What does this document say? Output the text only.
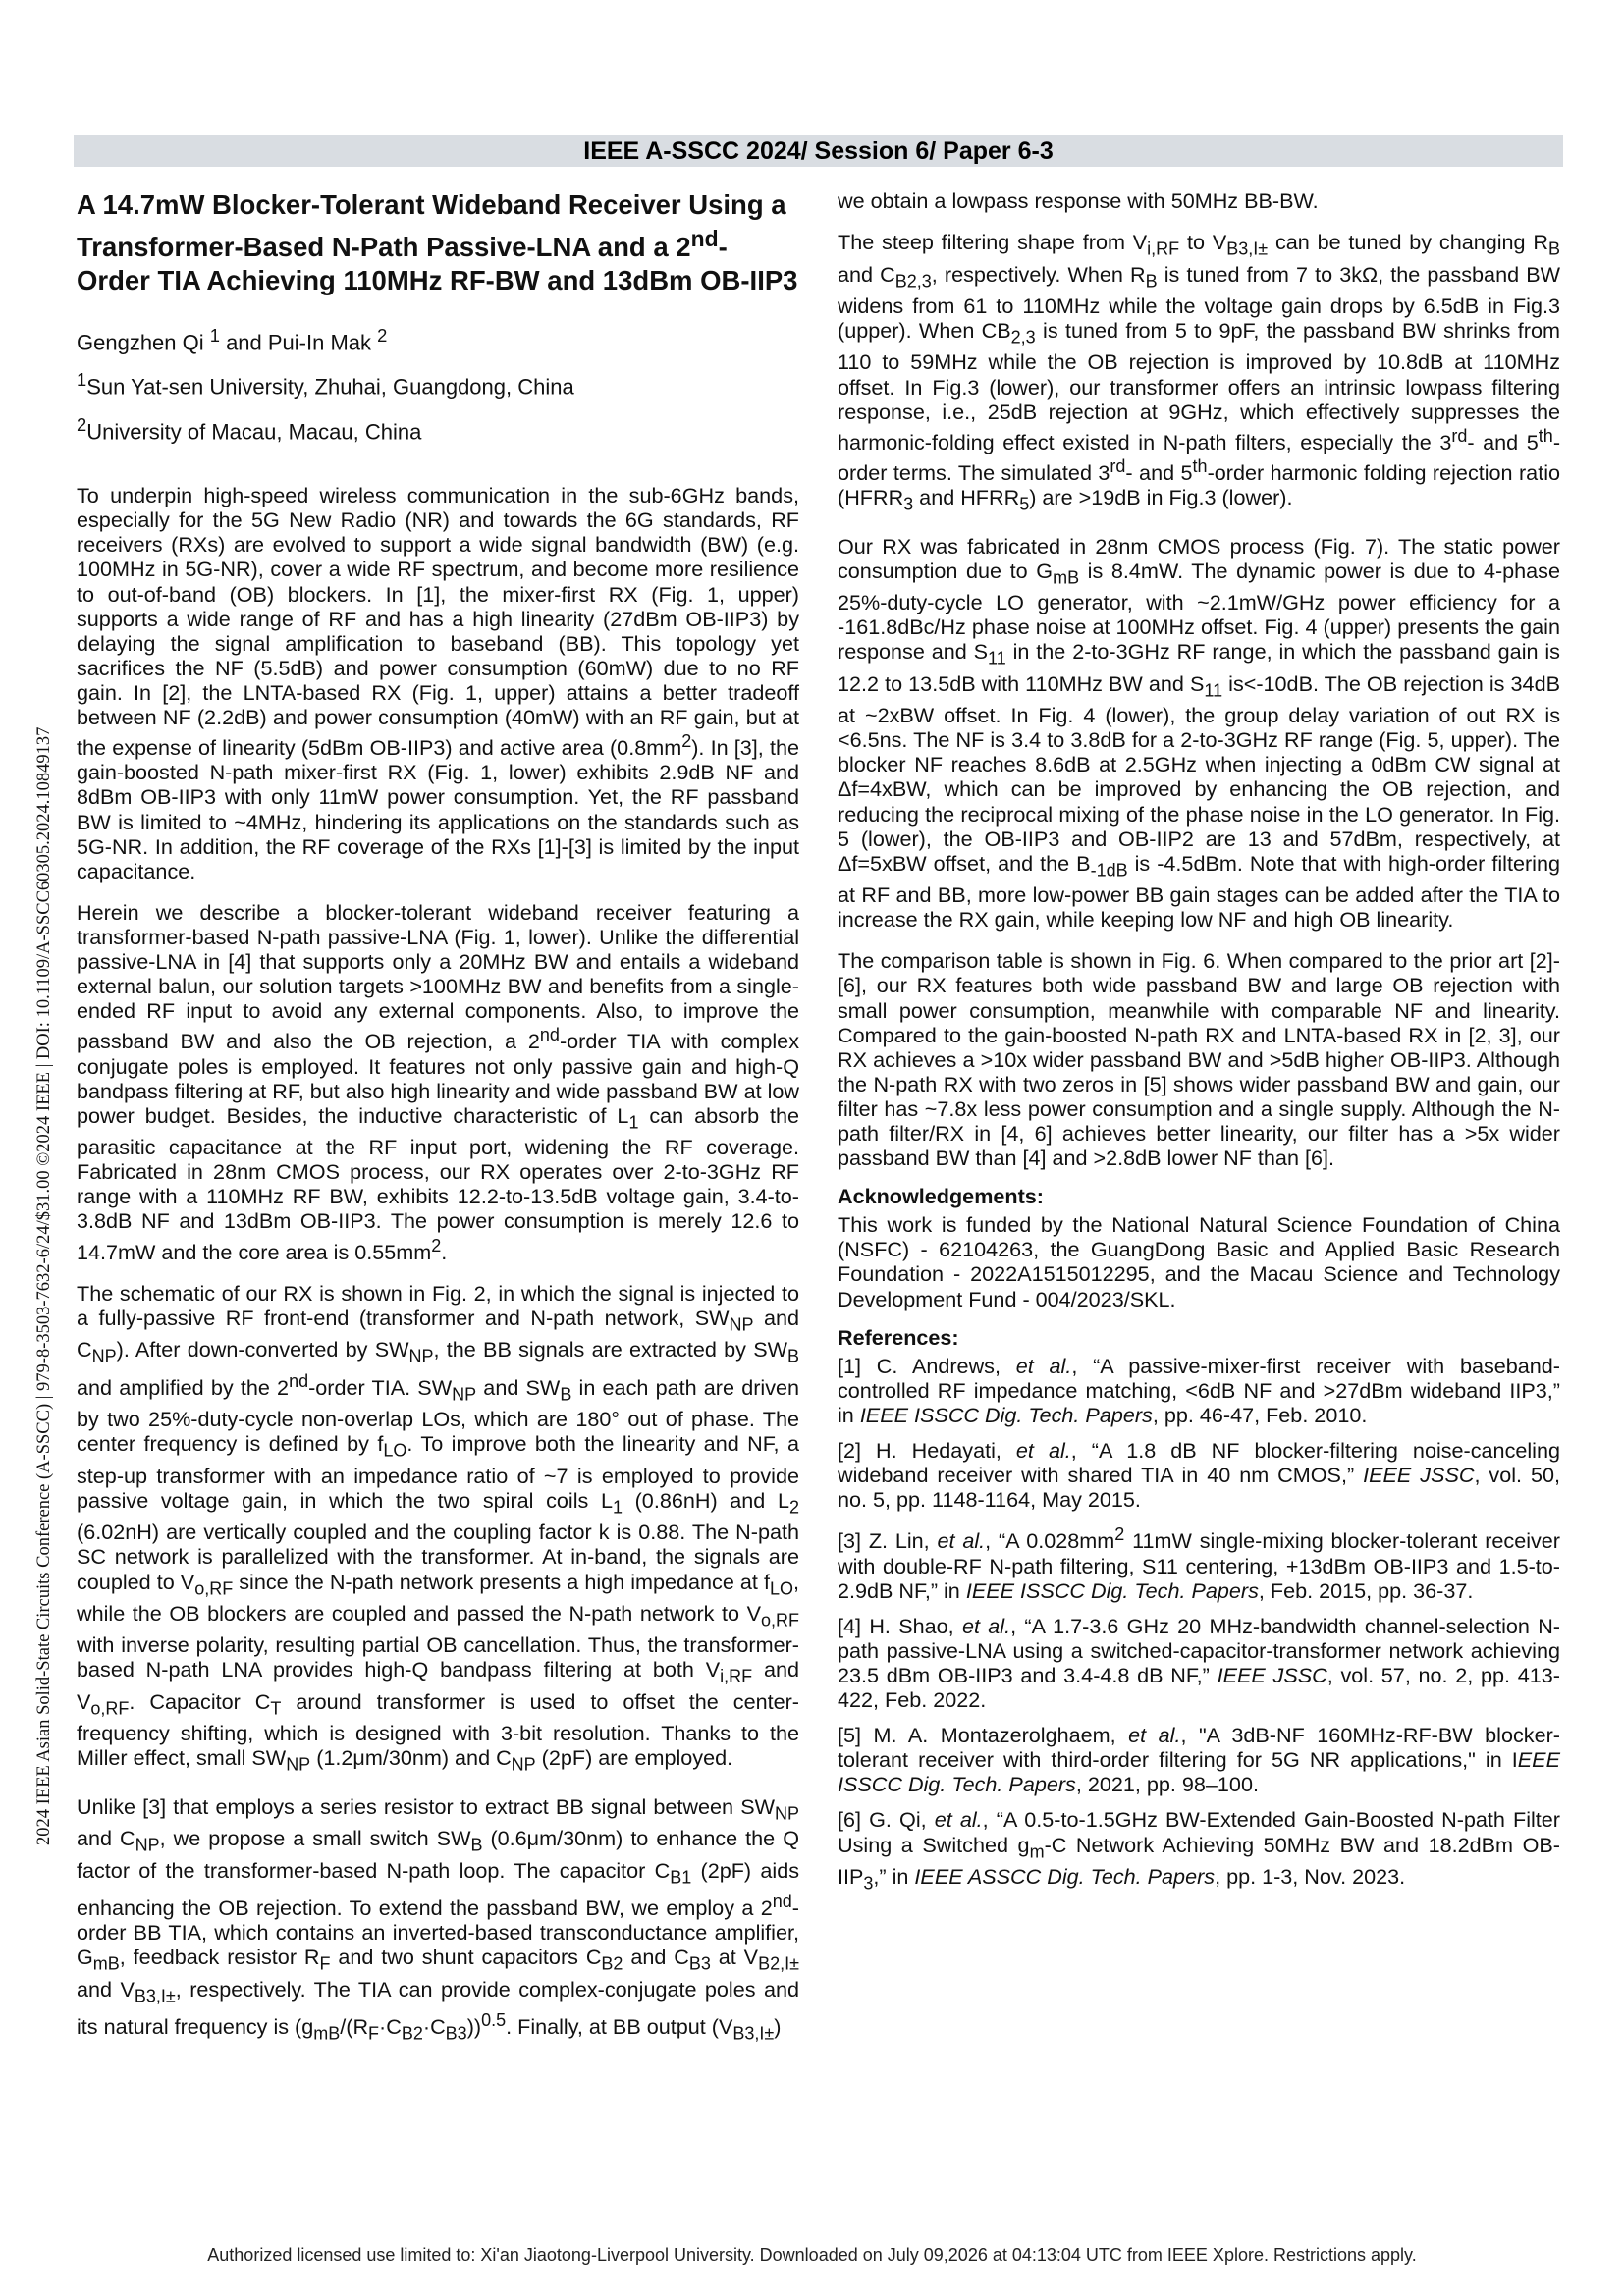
IEEE A-SSCC 2024/ Session 6/ Paper 6-3
2024 IEEE Asian Solid-State Circuits Conference (A-SSCC) | 979-8-3503-7632-6/24/$31.00 ©2024 IEEE | DOI: 10.1109/A-SSCC60305.2024.10849137
A 14.7mW Blocker-Tolerant Wideband Receiver Using a Transformer-Based N-Path Passive-LNA and a 2nd-Order TIA Achieving 110MHz RF-BW and 13dBm OB-IIP3

Gengzhen Qi $^1$ and Pui-In Mak $^2$

$^1$Sun Yat-sen University, Zhuhai, Guangdong, China

$^2$University of Macau, Macau, China

To underpin high-speed wireless communication in the sub-6GHz bands, especially for the 5G New Radio (NR) and towards the 6G standards, RF receivers (RXs) are evolved to support a wide signal bandwidth (BW) (e.g. 100MHz in 5G-NR), cover a wide RF spectrum, and become more resilience to out-of-band (OB) blockers. In [1], the mixer-first RX (Fig. 1, upper) supports a wide range of RF and has a high linearity (27dBm OB-IIP3) by delaying the signal amplification to baseband (BB). This topology yet sacrifices the NF (5.5dB) and power consumption (60mW) due to no RF gain. In [2], the LNTA-based RX (Fig. 1, upper) attains a better tradeoff between NF (2.2dB) and power consumption (40mW) with an RF gain, but at the expense of linearity (5dBm OB-IIP3) and active area $(0.8mm^2)$. In [3], the gain-boosted N-path mixer-first RX (Fig. 1, lower) exhibits 2.9dB NF and 8dBm OB-IIP3 with only 11mW power consumption. Yet, the RF passband BW is limited to ~4MHz, hindering its applications on the standards such as 5G-NR. In addition, the RF coverage of the RXs [1]-[3] is limited by the input capacitance.

Herein we describe a blocker-tolerant wideband receiver featuring a transformer-based N-path passive-LNA (Fig. 1, lower). Unlike the differential passive-LNA in [4] that supports only a 20MHz BW and entails a wideband external balun, our solution targets >100MHz BW and benefits from a single-ended RF input to avoid any external components. Also, to improve the passband BW and also the OB rejection, a 2nd-order TIA with complex conjugate poles is employed. It features not only passive gain and high-Q bandpass filtering at RF, but also high linearity and wide passband BW at low power budget. Besides, the inductive characteristic of $L_1$ can absorb the parasitic capacitance at the RF input port, widening the RF coverage. Fabricated in 28nm CMOS process, our RX operates over 2-to-3GHz RF range with a 110MHz RF BW, exhibits 12.2-to-13.5dB voltage gain, 3.4-to-3.8dB NF and 13dBm OB-IIP3. The power consumption is merely 12.6 to 14.7mW and the core area is $0.55mm^2$.

The schematic of our RX is shown in Fig. 2, in which the signal is injected to a fully-passive RF front-end (transformer and N-path network, $SW_{NP}$ and $C_{NP}$). After down-converted by $SW_{NP}$, the BB signals are extracted by $SW_B$ and amplified by the 2nd-order TIA. $SW_{NP}$ and $SW_B$ in each path are driven by two 25%-duty-cycle non-overlap LOs, which are 180° out of phase. The center frequency is defined by $f_{LO}$. To improve both the linearity and NF, a step-up transformer with an impedance ratio of ~7 is employed to provide passive voltage gain, in which the two spiral coils $L_1$ (0.86nH) and $L_2$ (6.02nH) are vertically coupled and the coupling factor k is 0.88. The N-path SC network is parallelized with the transformer. At in-band, the signals are coupled to $V_{o,RF}$ since the N-path network presents a high impedance at $f_{LO}$, while the OB blockers are coupled and passed the N-path network to $V_{o,RF}$ with inverse polarity, resulting partial OB cancellation. Thus, the transformer-based N-path LNA provides high-Q bandpass filtering at both $V_{i,RF}$ and $V_{o,RF}$. Capacitor $C_T$ around transformer is used to offset the center-frequency shifting, which is designed with 3-bit resolution. Thanks to the Miller effect, small $SW_{NP}$ (1.2μm/30nm) and $C_{NP}$ (2pF) are employed.

Unlike [3] that employs a series resistor to extract BB signal between $SW_{NP}$ and $C_{NP}$, we propose a small switch $SW_B$ (0.6μm/30nm) to enhance the Q factor of the transformer-based N-path loop. The capacitor $C_{B1}$ (2pF) aids enhancing the OB rejection. To extend the passband BW, we employ a 2nd-order BB TIA, which contains an inverted-based transconductance amplifier, $G_{mB}$, feedback resistor $R_F$ and two shunt capacitors $C_{B2}$ and $C_{B3}$ at $V_{B2,I\pm}$ and $V_{B3,I\pm}$, respectively. The TIA can provide complex-conjugate poles and its natural frequency is $(g_{mB}/(R_F\cdot C_{B2}\cdot C_{B3}))^{0.5}$. Finally, at BB output $(V_{B3,I\pm})$

we obtain a lowpass response with 50MHz BB-BW.

The steep filtering shape from $V_{i,RF}$ to $V_{B3,I\pm}$ can be tuned by changing $R_B$ and $C_{B2,3}$, respectively. When $R_B$ is tuned from 7 to 3kΩ, the passband BW widens from 61 to 110MHz while the voltage gain drops by 6.5dB in Fig.3 (upper). When $CB_{2,3}$ is tuned from 5 to 9pF, the passband BW shrinks from 110 to 59MHz while the OB rejection is improved by 10.8dB at 110MHz offset. In Fig.3 (lower), our transformer offers an intrinsic lowpass filtering response, i.e., 25dB rejection at 9GHz, which effectively suppresses the harmonic-folding effect existed in N-path filters, especially the 3rd- and 5th-order terms. The simulated 3rd- and 5th-order harmonic folding rejection ratio ($HFRR_3$ and $HFRR_5$) are >19dB in Fig.3 (lower).

Our RX was fabricated in 28nm CMOS process (Fig. 7). The static power consumption due to $G_{mB}$ is 8.4mW. The dynamic power is due to 4-phase 25%-duty-cycle LO generator, with ~2.1mW/GHz power efficiency for a -161.8dBc/Hz phase noise at 100MHz offset. Fig. 4 (upper) presents the gain response and $S_{11}$ in the 2-to-3GHz RF range, in which the passband gain is 12.2 to 13.5dB with 110MHz BW and $S_{11}$ is<-10dB. The OB rejection is 34dB at ~2xBW offset. In Fig. 4 (lower), the group delay variation of out RX is <6.5ns. The NF is 3.4 to 3.8dB for a 2-to-3GHz RF range (Fig. 5, upper). The blocker NF reaches 8.6dB at 2.5GHz when injecting a 0dBm CW signal at Δf=4xBW, which can be improved by enhancing the OB rejection, and reducing the reciprocal mixing of the phase noise in the LO generator. In Fig. 5 (lower), the OB-IIP3 and OB-IIP2 are 13 and 57dBm, respectively, at Δf=5xBW offset, and the $B_{-1dB}$ is -4.5dBm. Note that with high-order filtering at RF and BB, more low-power BB gain stages can be added after the TIA to increase the RX gain, while keeping low NF and high OB linearity.

The comparison table is shown in Fig. 6. When compared to the prior art [2]-[6], our RX features both wide passband BW and large OB rejection with small power consumption, meanwhile with comparable NF and linearity. Compared to the gain-boosted N-path RX and LNTA-based RX in [2, 3], our RX achieves a >10x wider passband BW and >5dB higher OB-IIP3. Although the N-path RX with two zeros in [5] shows wider passband BW and gain, our filter has ~7.8x less power consumption and a single supply. Although the N-path filter/RX in [4, 6] achieves better linearity, our filter has a >5x wider passband BW than [4] and >2.8dB lower NF than [6].

Acknowledgements:

This work is funded by the National Natural Science Foundation of China (NSFC) - 62104263, the GuangDong Basic and Applied Basic Research Foundation - 2022A1515012295, and the Macau Science and Technology Development Fund - 004/2023/SKL.

References:

[1] C. Andrews, et al., “A passive-mixer-first receiver with baseband-controlled RF impedance matching, <6dB NF and >27dBm wideband IIP3,” in IEEE ISSCC Dig. Tech. Papers, pp. 46-47, Feb. 2010.

[2] H. Hedayati, et al., “A 1.8 dB NF blocker-filtering noise-canceling wideband receiver with shared TIA in 40 nm CMOS,” IEEE JSSC, vol. 50, no. 5, pp. 1148-1164, May 2015.

[3] Z. Lin, et al., “A $0.028mm^2$ 11mW single-mixing blocker-tolerant receiver with double-RF N-path filtering, S11 centering, +13dBm OB-IIP3 and 1.5-to-2.9dB NF,” in IEEE ISSCC Dig. Tech. Papers, Feb. 2015, pp. 36-37.

[4] H. Shao, et al., “A 1.7-3.6 GHz 20 MHz-bandwidth channel-selection N-path passive-LNA using a switched-capacitor-transformer network achieving 23.5 dBm OB-IIP3 and 3.4-4.8 dB NF,” IEEE JSSC, vol. 57, no. 2, pp. 413-422, Feb. 2022.

[5] M. A. Montazerolghaem, et al., "A 3dB-NF 160MHz-RF-BW blocker-tolerant receiver with third-order filtering for 5G NR applications," in IEEE ISSCC Dig. Tech. Papers, 2021, pp. 98–100.

[6] G. Qi, et al., “A 0.5-to-1.5GHz BW-Extended Gain-Boosted N-path Filter Using a Switched $g_m-C$ Network Achieving 50MHz BW and 18.2dBm $OB-IIP_3$,” in IEEE ASSCC Dig. Tech. Papers, pp. 1-3, Nov. 2023.

Authorized licensed use limited to: Xi'an Jiaotong-Liverpool University. Downloaded on July 09,2026 at 04:13:04 UTC from IEEE Xplore. Restrictions apply.
